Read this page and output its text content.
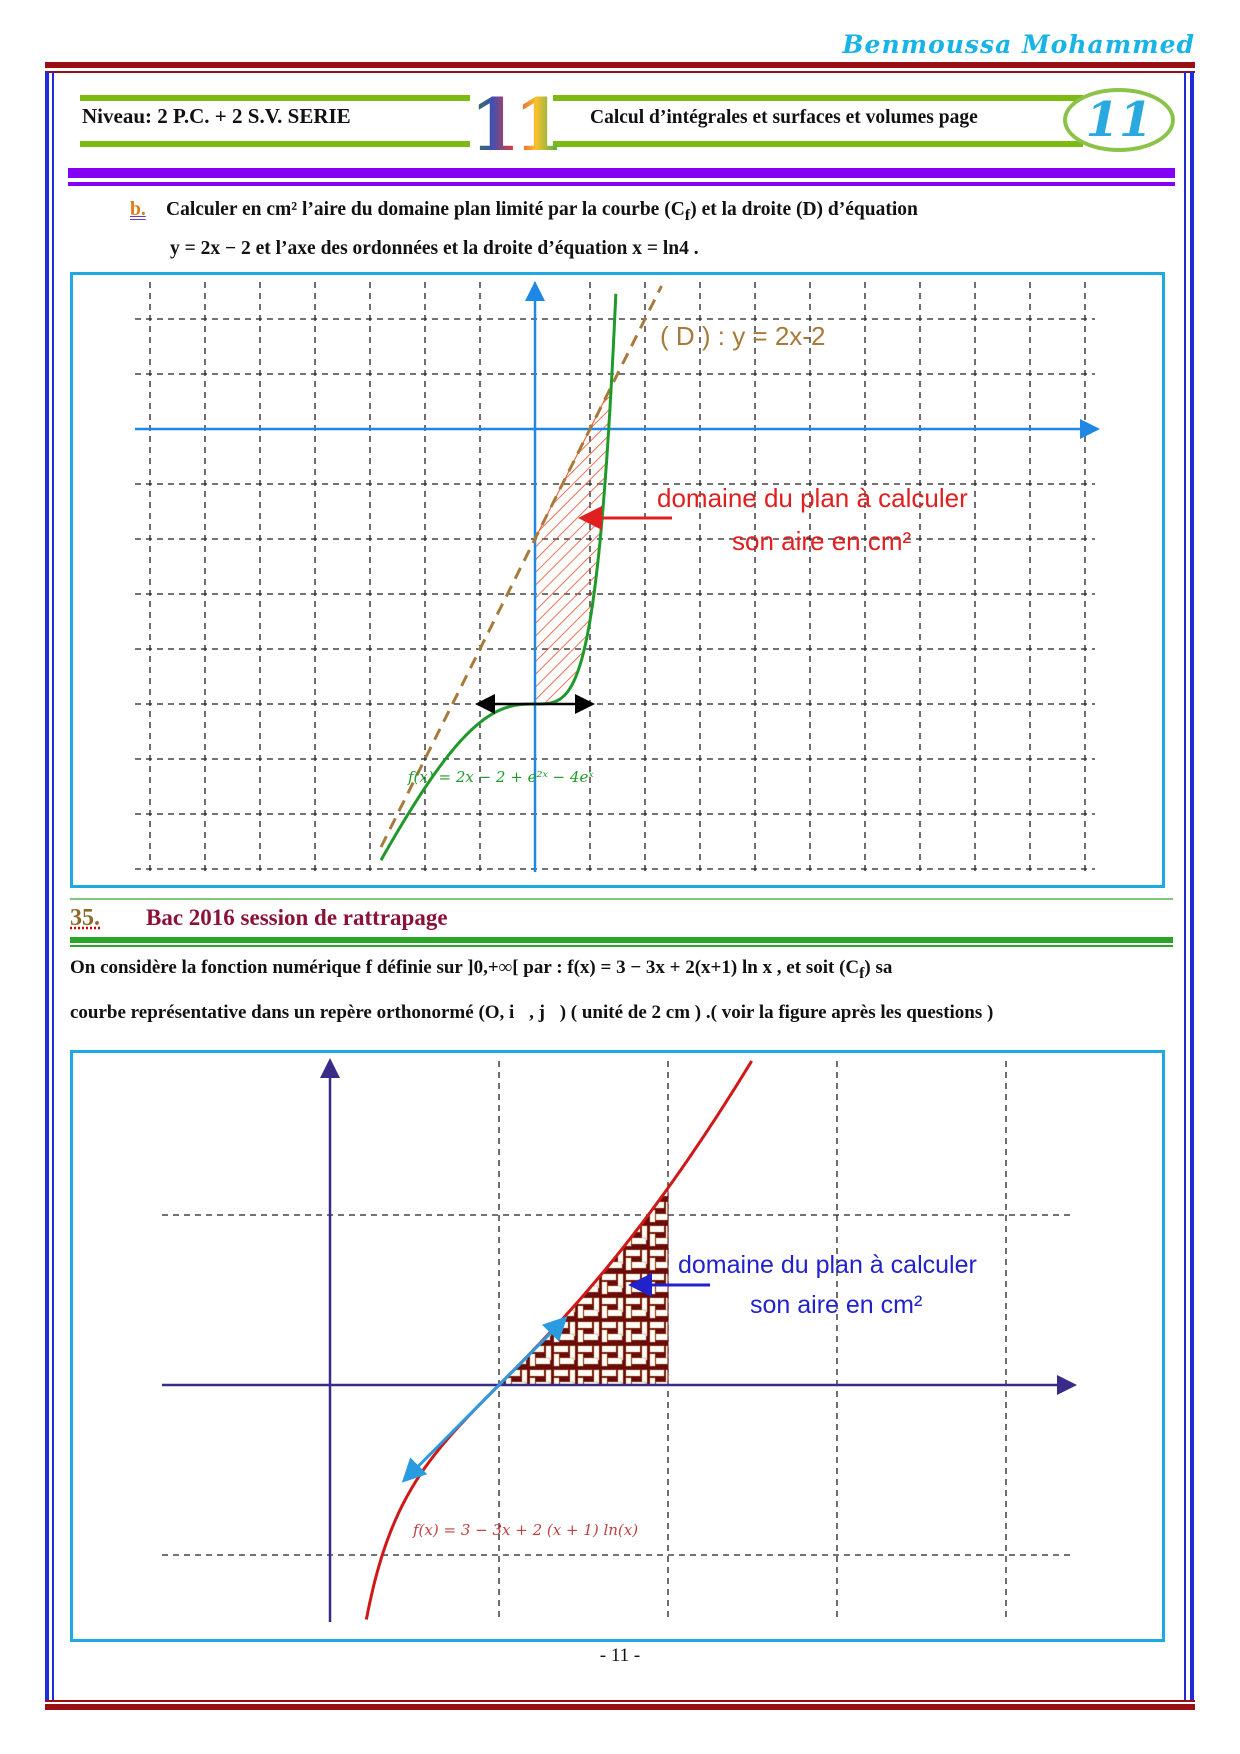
Benmoussa Mohammed
Niveau: 2 P.C. + 2 S.V. SERIE 11 Calcul d’intégrales et surfaces et volumes page	11
b. Calculer en cm² l’aire du domaine plan limité par la courbe $(C_f)$ et la droite (D) d’équation
y = 2x − 2 et l’axe des ordonnées et la droite d’équation x = ln4 .
( D ) : y = 2x-2
domaine du plan à calculer
son aire en cm²
f(x) = 2x − 2 + e²ˣ − 4eˣ
domaine du plan à calculer
son aire en cm²
f(x) = 3 − 3x + 2 (x + 1) ln(x)
35. Bac 2016 session de rattrapage
On considère la fonction numérique f définie sur ]0,+∞[ par : f(x) = 3 − 3x + 2(x+1) ln x , et soit $(C_f)$ sa
courbe représentative dans un repère orthonormé (O, i⃗, j⃗) ( unité de 2 cm ) .( voir la figure après les questions )
- 11 -
